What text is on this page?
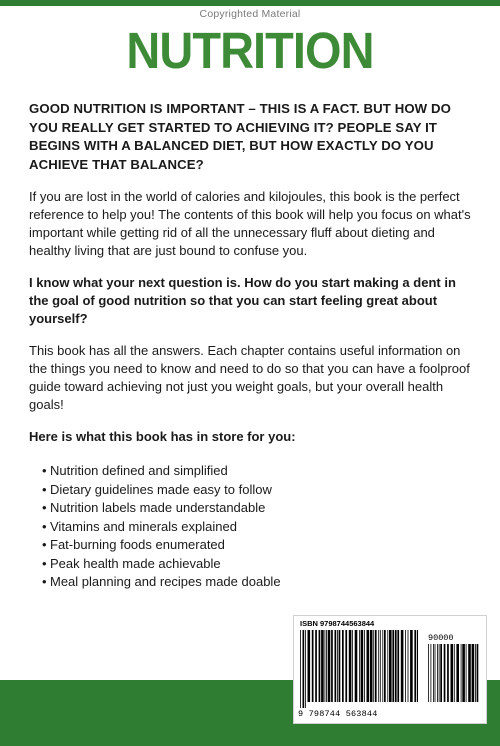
Copyrighted Material
NUTRITION

GOOD NUTRITION IS IMPORTANT – THIS IS A FACT. BUT HOW DO YOU REALLY GET STARTED TO ACHIEVING IT? PEOPLE SAY IT BEGINS WITH A BALANCED DIET, BUT HOW EXACTLY DO YOU ACHIEVE THAT BALANCE?

If you are lost in the world of calories and kilojoules, this book is the perfect reference to help you! The contents of this book will help you focus on what's important while getting rid of all the unnecessary fluff about dieting and healthy living that are just bound to confuse you.

I know what your next question is. How do you start making a dent in the goal of good nutrition so that you can start feeling great about yourself?

This book has all the answers. Each chapter contains useful information on the things you need to know and need to do so that you can have a foolproof guide toward achieving not just you weight goals, but your overall health goals!

Here is what this book has in store for you:

• Nutrition defined and simplified
• Dietary guidelines made easy to follow
• Nutrition labels made understandable
• Vitamins and minerals explained
• Fat-burning foods enumerated
• Peak health made achievable
• Meal planning and recipes made doable
ISBN 9798744563844
90000
9 798744 563844
